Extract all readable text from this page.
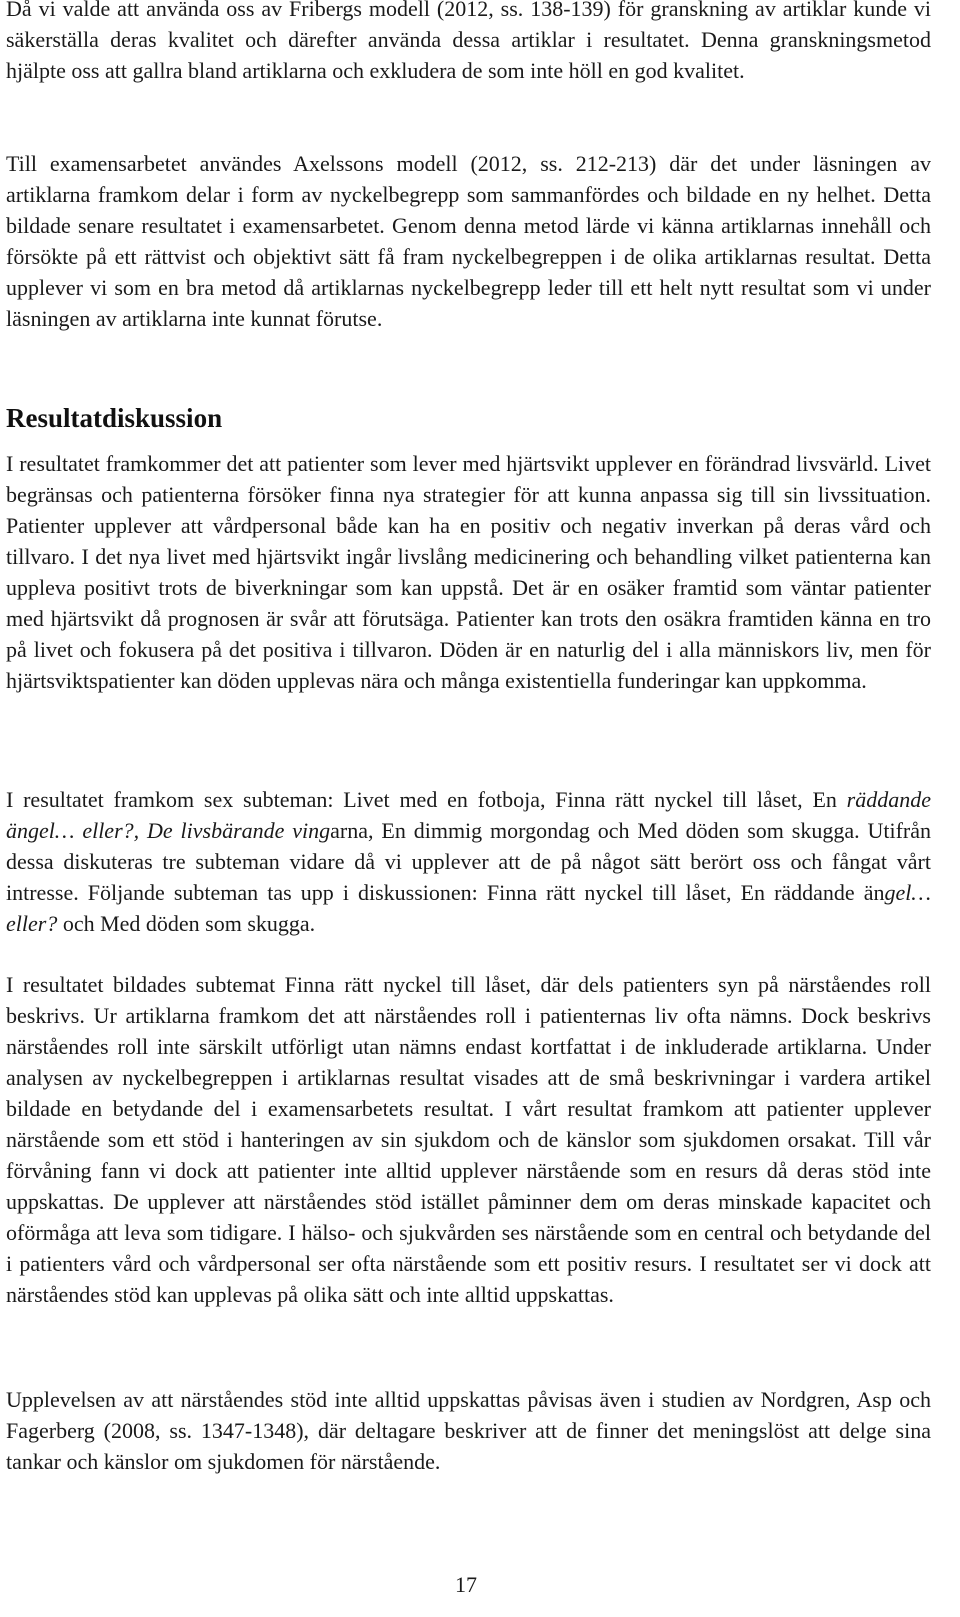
Då vi valde att använda oss av Fribergs modell (2012, ss. 138-139) för granskning av artiklar kunde vi säkerställa deras kvalitet och därefter använda dessa artiklar i resultatet. Denna granskningsmetod hjälpte oss att gallra bland artiklarna och exkludera de som inte höll en god kvalitet.

Till examensarbetet användes Axelssons modell (2012, ss. 212-213) där det under läsningen av artiklarna framkom delar i form av nyckelbegrepp som sammanfördes och bildade en ny helhet. Detta bildade senare resultatet i examensarbetet. Genom denna metod lärde vi känna artiklarnas innehåll och försökte på ett rättvist och objektivt sätt få fram nyckelbegreppen i de olika artiklarnas resultat. Detta upplever vi som en bra metod då artiklarnas nyckelbegrepp leder till ett helt nytt resultat som vi under läsningen av artiklarna inte kunnat förutse.

Resultatdiskussion

I resultatet framkommer det att patienter som lever med hjärtsvikt upplever en förändrad livsvärld. Livet begränsas och patienterna försöker finna nya strategier för att kunna anpassa sig till sin livssituation. Patienter upplever att vårdpersonal både kan ha en positiv och negativ inverkan på deras vård och tillvaro. I det nya livet med hjärtsvikt ingår livslång medicinering och behandling vilket patienterna kan uppleva positivt trots de biverkningar som kan uppstå. Det är en osäker framtid som väntar patienter med hjärtsvikt då prognosen är svår att förutsäga. Patienter kan trots den osäkra framtiden känna en tro på livet och fokusera på det positiva i tillvaron. Döden är en naturlig del i alla människors liv, men för hjärtsviktspatienter kan döden upplevas nära och många existentiella funderingar kan uppkomma.

I resultatet framkom sex subteman: Livet med en fotboja, Finna rätt nyckel till låset, En räddande ängel… eller?, De livsbärande vingarna, En dimmig morgondag och Med döden som skugga. Utifrån dessa diskuteras tre subteman vidare då vi upplever att de på något sätt berört oss och fångat vårt intresse. Följande subteman tas upp i diskussionen: Finna rätt nyckel till låset, En räddande ängel… eller? och Med döden som skugga.

I resultatet bildades subtemat Finna rätt nyckel till låset, där dels patienters syn på närståendes roll beskrivs. Ur artiklarna framkom det att närståendes roll i patienternas liv ofta nämns. Dock beskrivs närståendes roll inte särskilt utförligt utan nämns endast kortfattat i de inkluderade artiklarna. Under analysen av nyckelbegreppen i artiklarnas resultat visades att de små beskrivningar i vardera artikel bildade en betydande del i examensarbetets resultat. I vårt resultat framkom att patienter upplever närstående som ett stöd i hanteringen av sin sjukdom och de känslor som sjukdomen orsakat. Till vår förvåning fann vi dock att patienter inte alltid upplever närstående som en resurs då deras stöd inte uppskattas. De upplever att närståendes stöd istället påminner dem om deras minskade kapacitet och oförmåga att leva som tidigare. I hälso- och sjukvården ses närstående som en central och betydande del i patienters vård och vårdpersonal ser ofta närstående som ett positiv resurs. I resultatet ser vi dock att närståendes stöd kan upplevas på olika sätt och inte alltid uppskattas.

Upplevelsen av att närståendes stöd inte alltid uppskattas påvisas även i studien av Nordgren, Asp och Fagerberg (2008, ss. 1347-1348), där deltagare beskriver att de finner det meningslöst att delge sina tankar och känslor om sjukdomen för närstående.

17
